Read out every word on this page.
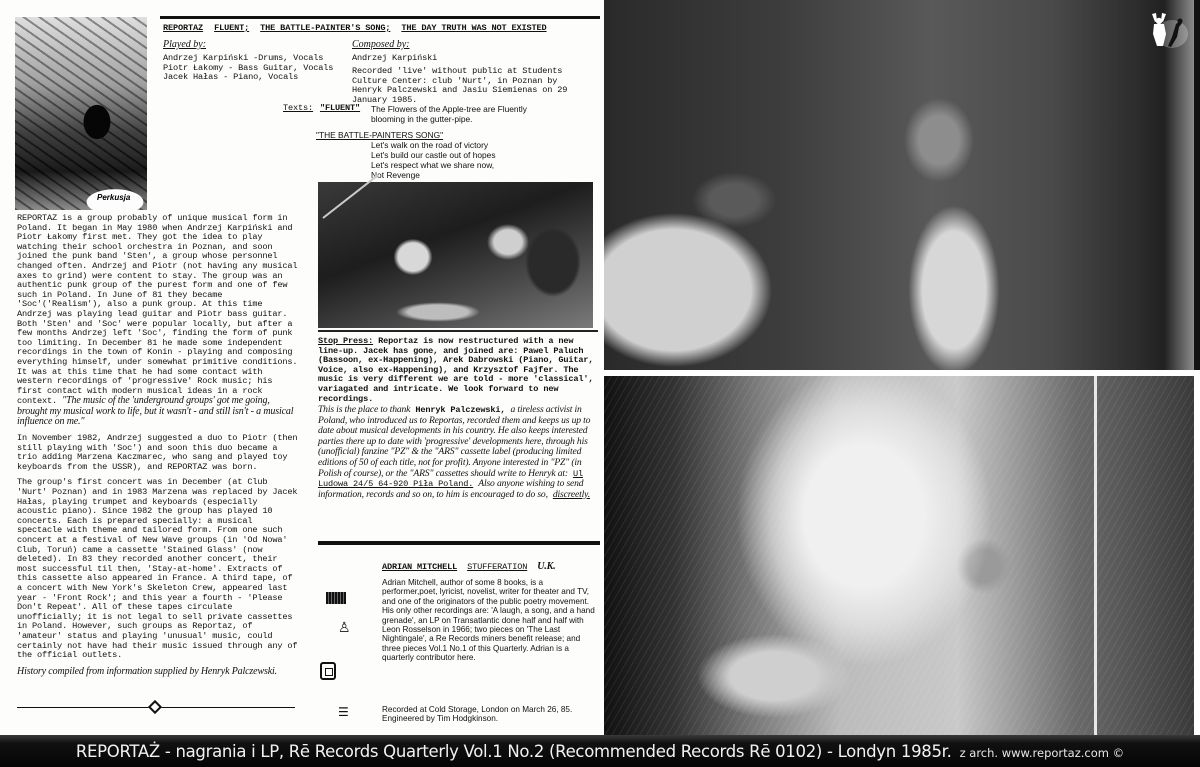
Perkusja
REPORTAZ FLUENT; THE BATTLE-PAINTER'S SONG; THE DAY TRUTH WAS NOT EXISTED
Played by:
Andrzej Karpiński -Drums, Vocals
Piotr Łakomy - Bass Guitar, Vocals
Jacek Hałas - Piano, Vocals
Composed by:
Andrzej Karpiński
Recorded 'live' without public at Students Culture Center: club 'Nurt', in Poznan by Henryk Palczewski and Jasiu Siemienas on 29 January 1985.
Texts: "FLUENT" The Flowers of the Apple-tree are Fluently
blooming in the gutter-pipe.
"THE BATTLE-PAINTERS SONG"
Let's walk on the road of victory
Let's build our castle out of hopes
Let's respect what we share now,
Not Revenge

REPORTAZ is a group probably of unique musical form in Poland. It began in May 1980 when Andrzej Karpiński and Piotr Łakomy first met. They got the idea to play watching their school orchestra in Poznan, and soon joined the punk band 'Sten', a group whose personnel changed often. Andrzej and Piotr (not having any musical axes to grind) were content to stay. The group was an authentic punk group of the purest form and one of few such in Poland. In June of 81 they became 'Soc'('Realism'), also a punk group. At this time Andrzej was playing lead guitar and Piotr bass guitar. Both 'Sten' and 'Soc' were popular locally, but after a few months Andrzej left 'Soc', finding the form of punk too limiting. In December 81 he made some independent recordings in the town of Konin - playing and composing everything himself, under somewhat primitive conditions. It was at this time that he had some contact with western recordings of 'progressive' Rock music; his first contact with modern musical ideas in a rock context. "The music of the 'underground groups' got me going, brought my musical work to life, but it wasn't - and still isn't - a musical influence on me."

In November 1982, Andrzej suggested a duo to Piotr (then still playing with 'Soc') and soon this duo became a trio adding Marzena Kaczmarec, who sang and played toy keyboards from the USSR), and REPORTAZ was born.

The group's first concert was in December (at Club 'Nurt' Poznan) and in 1983 Marzena was replaced by Jacek Hałas, playing trumpet and keyboards (especially acoustic piano). Since 1982 the group has played 10 concerts. Each is prepared specially: a musical spectacle with theme and tailored form. From one such concert at a festival of New Wave groups (in 'Od Nowa' Club, Toruń) came a cassette 'Stained Glass' (now deleted). In 83 they recorded another concert, their most successful til then, 'Stay-at-home'. Extracts of this cassette also appeared in France. A third tape, of a concert with New York's Skeleton Crew, appeared last year - 'Front Rock'; and this year a fourth - 'Please Don't Repeat'. All of these tapes circulate unofficially; it is not legal to sell private cassettes in Poland. However, such groups as Reportaz, of 'amateur' status and playing 'unusual' music, could certainly not have had their music issued through any of the official outlets.

History compiled from information supplied by Henryk Palczewski.

Stop Press: Reportaz is now restructured with a new line-up. Jacek has gone, and joined are: Pawel Paluch (Bassoon, ex-Happening), Arek Dabrowski (Piano, Guitar, Voice, also ex-Happening), and Krzysztof Fajfer. The music is very different we are told - more 'classical', variagated and intricate. We look forward to new recordings.
This is the place to thank Henryk Palczewski, a tireless activist in Poland, who introduced us to Reportas, recorded them and keeps us up to date about musical developments in his country. He also keeps interested parties there up to date with 'progressive' developments here, through his (unofficial) fanzine "PZ" & the "ARS" cassette label (producing limited editions of 50 of each title, not for profit). Anyone interested in "PZ" (in Polish of course), or the "ARS" cassettes should write to Henryk at: Ul Ludowa 24/5 64-920 Piła Poland. Also anyone wishing to send information, records and so on, to him is encouraged to do so, discreetly.
ADRIAN MITCHELL STUFFERATION U.K.
Adrian Mitchell, author of some 8 books, is a performer,poet, lyricist, novelist, writer for theater and TV, and one of the originators of the public poetry movement. His only other recordings are: 'A laugh, a song, and a hand grenade', an LP on Transatlantic done half and half with Leon Rosselson in 1966; two pieces on 'The Last Nightingale', a Re Records miners benefit release; and three pieces Vol.1 No.1 of this Quarterly. Adrian is a quarterly contributor here.
Recorded at Cold Storage, London on March 26, 85. Engineered by Tim Hodgkinson.
♙
☰
REPORTAŻ - nagrania i LP, Rē Records Quarterly Vol.1 No.2 (Recommended Records Rē 0102) - Londyn 1985r. z arch. www.reportaz.com ©
